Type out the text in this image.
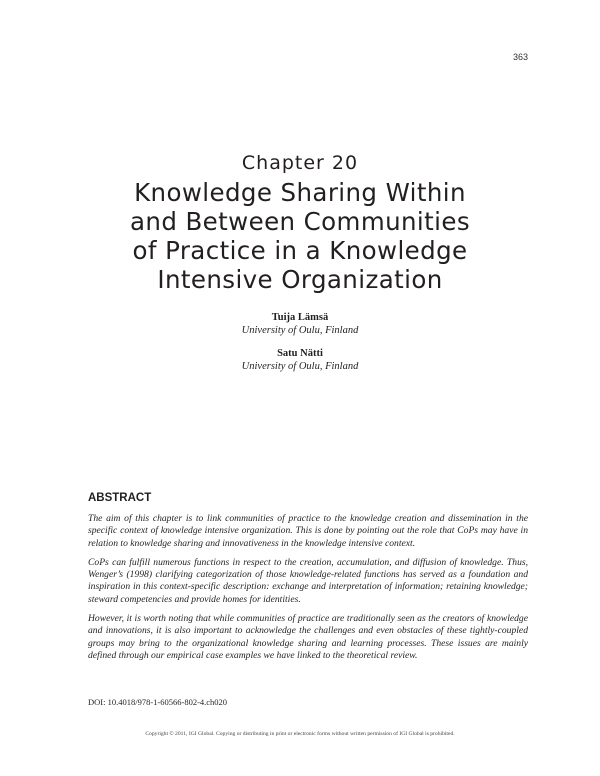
363
Chapter 20
Knowledge Sharing Within
and Between Communities
of Practice in a Knowledge
Intensive Organization
Tuija Lämsä
University of Oulu, Finland
Satu Nätti
University of Oulu, Finland
ABSTRACT

The aim of this chapter is to link communities of practice to the knowledge creation and dissemination in the specific context of knowledge intensive organization. This is done by pointing out the role that CoPs may have in relation to knowledge sharing and innovativeness in the knowledge intensive context.

CoPs can fulfill numerous functions in respect to the creation, accumulation, and diffusion of knowledge. Thus, Wenger’s (1998) clarifying categorization of those knowledge-related functions has served as a foundation and inspiration in this context-specific description: exchange and interpretation of information; retaining knowledge; steward competencies and provide homes for identities.

However, it is worth noting that while communities of practice are traditionally seen as the creators of knowledge and innovations, it is also important to acknowledge the challenges and even obstacles of these tightly-coupled groups may bring to the organizational knowledge sharing and learning processes. These issues are mainly defined through our empirical case examples we have linked to the theoretical review.

DOI: 10.4018/978-1-60566-802-4.ch020
Copyright © 2011, IGI Global. Copying or distributing in print or electronic forms without written permission of IGI Global is prohibited.
